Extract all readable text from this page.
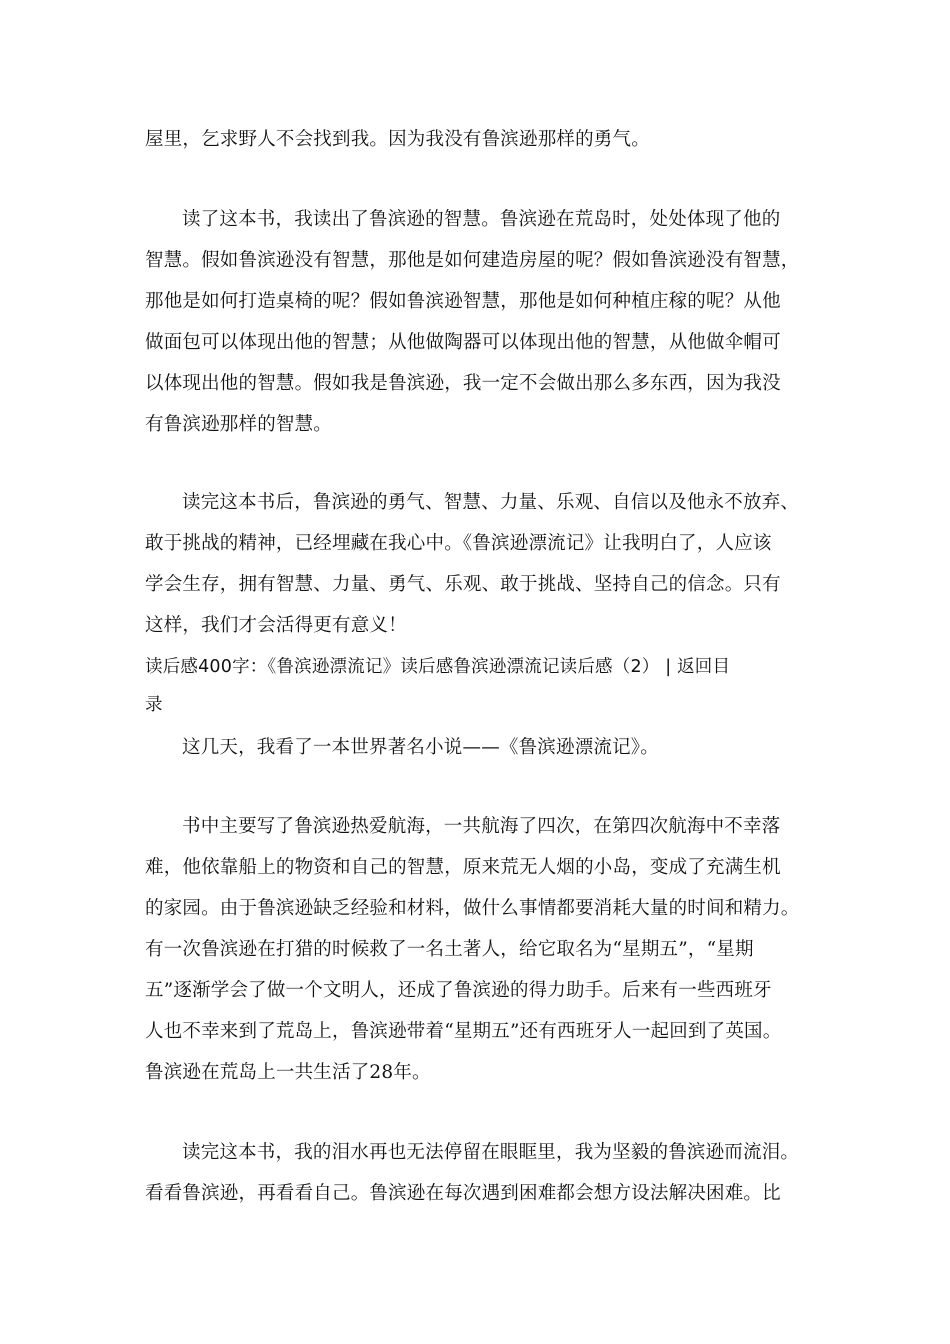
屋里，乞求野人不会找到我。因为我没有鲁滨逊那样的勇气。
读了这本书，我读出了鲁滨逊的智慧。鲁滨逊在荒岛时，处处体现了他的
智慧。假如鲁滨逊没有智慧，那他是如何建造房屋的呢？假如鲁滨逊没有智慧，
那他是如何打造桌椅的呢？假如鲁滨逊智慧，那他是如何种植庄稼的呢？从他
做面包可以体现出他的智慧；从他做陶器可以体现出他的智慧，从他做伞帽可
以体现出他的智慧。假如我是鲁滨逊，我一定不会做出那么多东西，因为我没
有鲁滨逊那样的智慧。
读完这本书后，鲁滨逊的勇气、智慧、力量、乐观、自信以及他永不放弃、
敢于挑战的精神，已经埋藏在我心中。《鲁滨逊漂流记》让我明白了，人应该
学会生存，拥有智慧、力量、勇气、乐观、敢于挑战、坚持自己的信念。只有
这样，我们才会活得更有意义！
读后感400字：《鲁滨逊漂流记》读后感鲁滨逊漂流记读后感（2） | 返回目
录
这几天，我看了一本世界著名小说——《鲁滨逊漂流记》。
书中主要写了鲁滨逊热爱航海，一共航海了四次，在第四次航海中不幸落
难，他依靠船上的物资和自己的智慧，原来荒无人烟的小岛，变成了充满生机
的家园。由于鲁滨逊缺乏经验和材料，做什么事情都要消耗大量的时间和精力。
有一次鲁滨逊在打猎的时候救了一名土著人，给它取名为“星期五”，“星期
五”逐渐学会了做一个文明人，还成了鲁滨逊的得力助手。后来有一些西班牙
人也不幸来到了荒岛上，鲁滨逊带着“星期五”还有西班牙人一起回到了英国。
鲁滨逊在荒岛上一共生活了28年。
读完这本书，我的泪水再也无法停留在眼眶里，我为坚毅的鲁滨逊而流泪。
看看鲁滨逊，再看看自己。鲁滨逊在每次遇到困难都会想方设法解决困难。比
